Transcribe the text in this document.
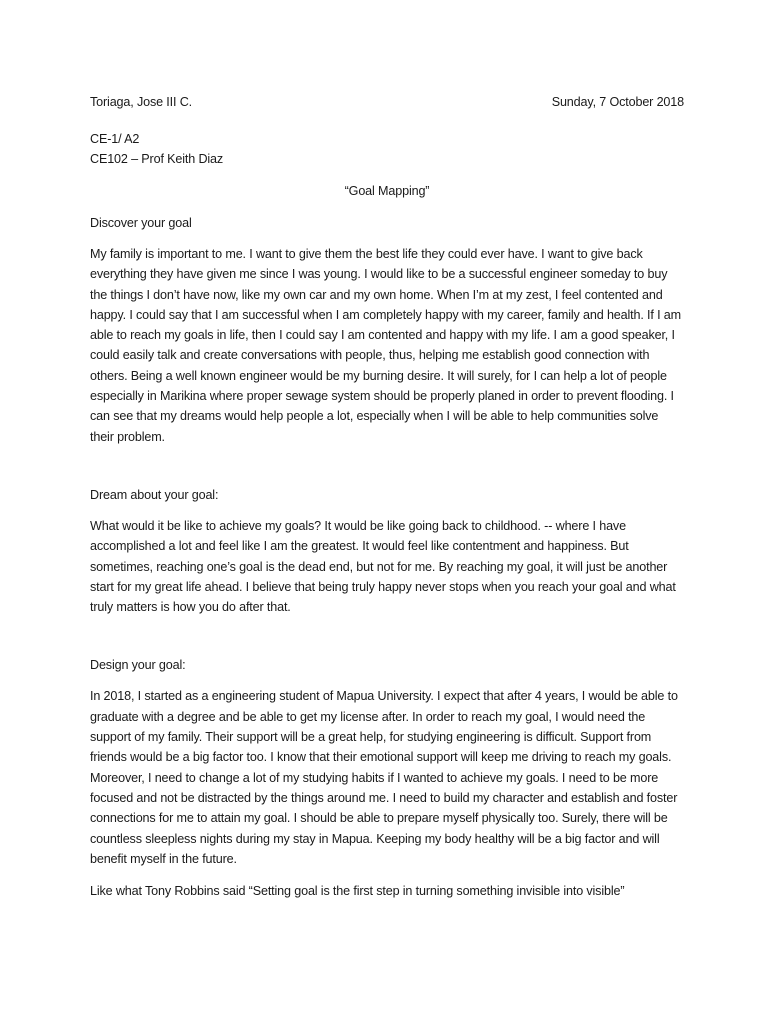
Toriaga, Jose III C.	Sunday, 7 October 2018
CE-1/ A2
CE102 – Prof Keith Diaz
“Goal Mapping”
Discover your goal

My family is important to me. I want to give them the best life they could ever have. I want to give back everything they have given me since I was young. I would like to be a successful engineer someday to buy the things I don’t have now, like my own car and my own home. When I’m at my zest, I feel contented and happy. I could say that I am successful when I am completely happy with my career, family and health. If I am able to reach my goals in life, then I could say I am contented and happy with my life. I am a good speaker, I could easily talk and create conversations with people, thus, helping me establish good connection with others. Being a well known engineer would be my burning desire. It will surely, for I can help a lot of people especially in Marikina where proper sewage system should be properly planed in order to prevent flooding. I can see that my dreams would help people a lot, especially when I will be able to help communities solve their problem.

Dream about your goal:

What would it be like to achieve my goals? It would be like going back to childhood. -- where I have accomplished a lot and feel like I am the greatest. It would feel like contentment and happiness. But sometimes, reaching one’s goal is the dead end, but not for me. By reaching my goal, it will just be another start for my great life ahead. I believe that being truly happy never stops when you reach your goal and what truly matters is how you do after that.

Design your goal:

In 2018, I started as a engineering student of Mapua University. I expect that after 4 years, I would be able to graduate with a degree and be able to get my license after. In order to reach my goal, I would need the support of my family. Their support will be a great help, for studying engineering is difficult. Support from friends would be a big factor too. I know that their emotional support will keep me driving to reach my goals. Moreover, I need to change a lot of my studying habits if I wanted to achieve my goals. I need to be more focused and not be distracted by the things around me. I need to build my character and establish and foster connections for me to attain my goal. I should be able to prepare myself physically too. Surely, there will be countless sleepless nights during my stay in Mapua. Keeping my body healthy will be a big factor and will benefit myself in the future.

Like what Tony Robbins said “Setting goal is the first step in turning something invisible into visible”
